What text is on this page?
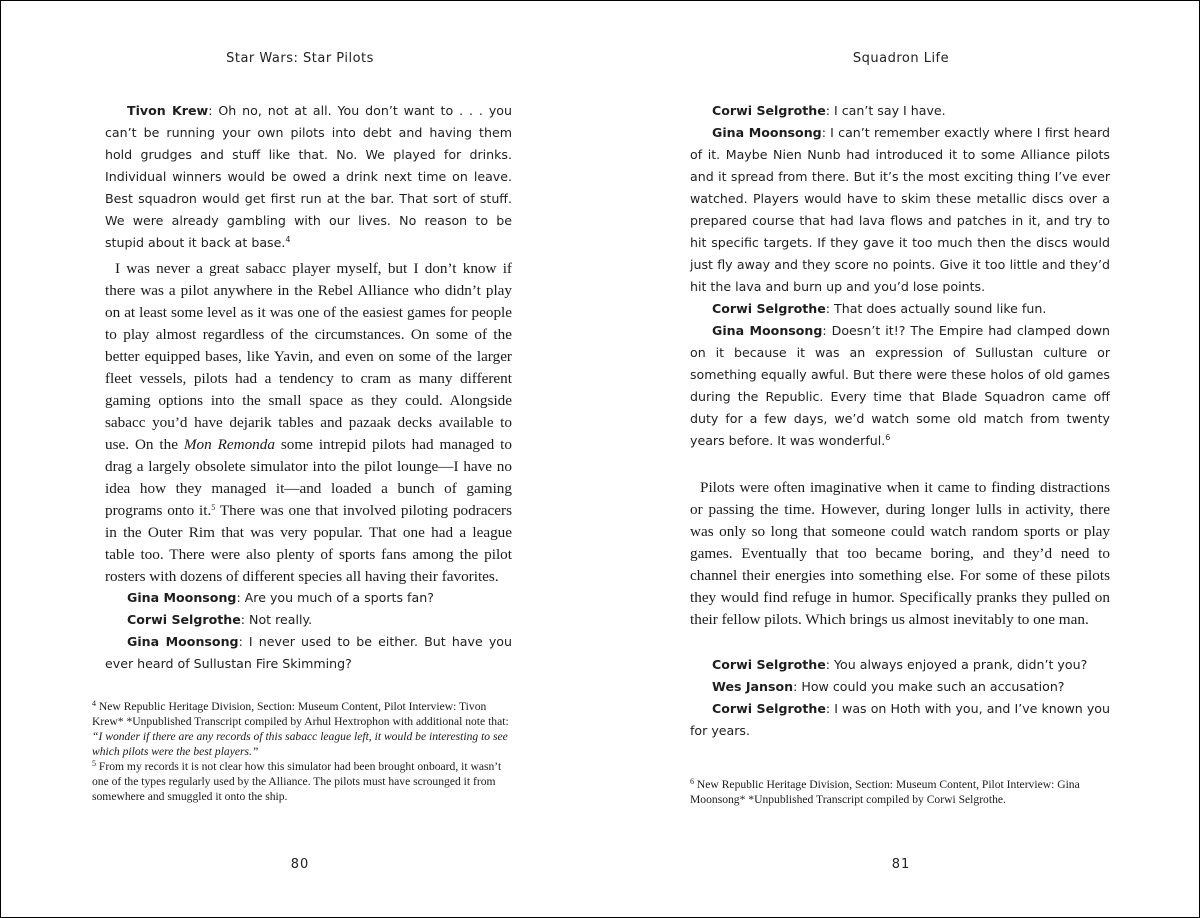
Star Wars: Star Pilots

Tivon Krew: Oh no, not at all. You don’t want to . . . you can’t be running your own pilots into debt and having them hold grudges and stuff like that. No. We played for drinks. Individual winners would be owed a drink next time on leave. Best squadron would get first run at the bar. That sort of stuff. We were already gambling with our lives. No reason to be stupid about it back at base.$^4$

I was never a great sabacc player myself, but I don’t know if there was a pilot anywhere in the Rebel Alliance who didn’t play on at least some level as it was one of the easiest games for people to play almost regardless of the circumstances. On some of the better equipped bases, like Yavin, and even on some of the larger fleet vessels, pilots had a tendency to cram as many different gaming options into the small space as they could. Alongside sabacc you’d have dejarik tables and pazaak decks available to use. On the Mon Remonda some intrepid pilots had managed to drag a largely obsolete simulator into the pilot lounge—I have no idea how they managed it—and loaded a bunch of gaming programs onto it.$^5$ There was one that involved piloting podracers in the Outer Rim that was very popular. That one had a league table too. There were also plenty of sports fans among the pilot rosters with dozens of different species all having their favorites.

Gina Moonsong: Are you much of a sports fan?

Corwi Selgrothe: Not really.

Gina Moonsong: I never used to be either. But have you ever heard of Sullustan Fire Skimming?

$^4$ New Republic Heritage Division, Section: Museum Content, Pilot Interview: Tivon Krew* *Unpublished Transcript compiled by Arhul Hextrophon with additional note that: “I wonder if there are any records of this sabacc league left, it would be interesting to see which pilots were the best players.”

$^5$ From my records it is not clear how this simulator had been brought onboard, it wasn’t one of the types regularly used by the Alliance. The pilots must have scrounged it from somewhere and smuggled it onto the ship.

80
Squadron Life

Corwi Selgrothe: I can’t say I have.

Gina Moonsong: I can’t remember exactly where I first heard of it. Maybe Nien Nunb had introduced it to some Alliance pilots and it spread from there. But it’s the most exciting thing I’ve ever watched. Players would have to skim these metallic discs over a prepared course that had lava flows and patches in it, and try to hit specific targets. If they gave it too much then the discs would just fly away and they score no points. Give it too little and they’d hit the lava and burn up and you’d lose points.

Corwi Selgrothe: That does actually sound like fun.

Gina Moonsong: Doesn’t it!? The Empire had clamped down on it because it was an expression of Sullustan culture or something equally awful. But there were these holos of old games during the Republic. Every time that Blade Squadron came off duty for a few days, we’d watch some old match from twenty years before. It was wonderful.$^6$

Pilots were often imaginative when it came to finding distractions or passing the time. However, during longer lulls in activity, there was only so long that someone could watch random sports or play games. Eventually that too became boring, and they’d need to channel their energies into something else. For some of these pilots they would find refuge in humor. Specifically pranks they pulled on their fellow pilots. Which brings us almost inevitably to one man.

Corwi Selgrothe: You always enjoyed a prank, didn’t you?

Wes Janson: How could you make such an accusation?

Corwi Selgrothe: I was on Hoth with you, and I’ve known you for years.

$^6$ New Republic Heritage Division, Section: Museum Content, Pilot Interview: Gina Moonsong* *Unpublished Transcript compiled by Corwi Selgrothe.

81
